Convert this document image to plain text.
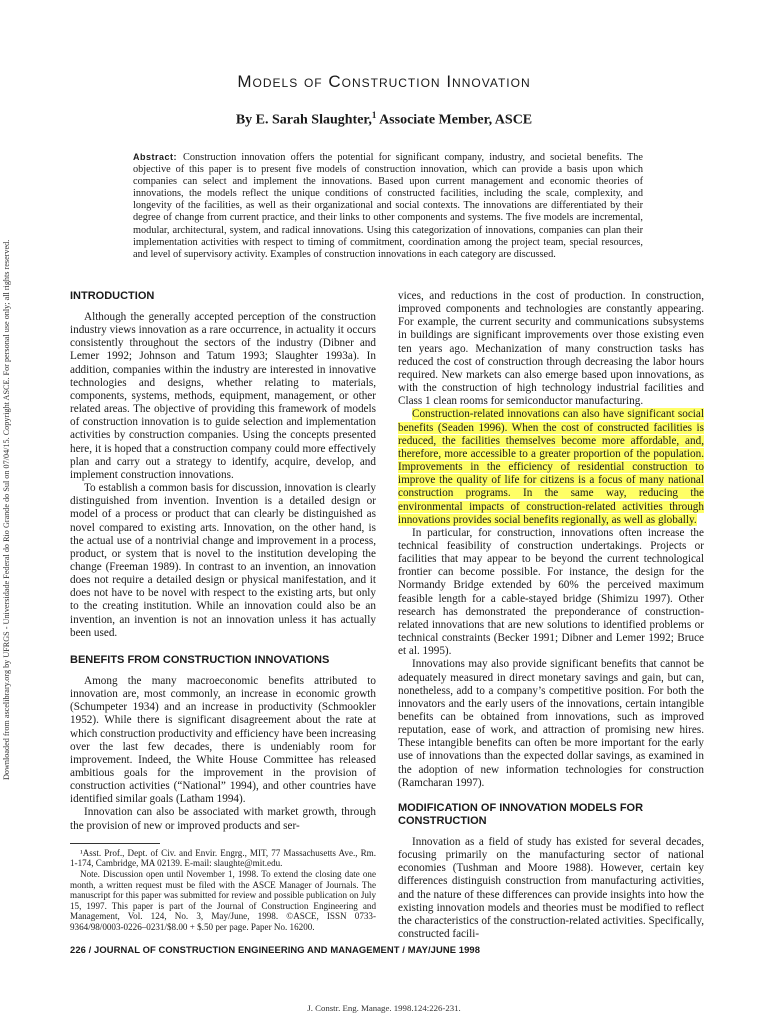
Downloaded from ascelibrary.org by UFRGS - Universidade Federal do Rio Grande do Sul on 07/04/15. Copyright ASCE. For personal use only; all rights reserved.
Models of Construction Innovation
By E. Sarah Slaughter,$^1$ Associate Member, ASCE
Abstract: Construction innovation offers the potential for significant company, industry, and societal benefits. The objective of this paper is to present five models of construction innovation, which can provide a basis upon which companies can select and implement the innovations. Based upon current management and economic theories of innovations, the models reflect the unique conditions of constructed facilities, including the scale, complexity, and longevity of the facilities, as well as their organizational and social contexts. The innovations are differentiated by their degree of change from current practice, and their links to other components and systems. The five models are incremental, modular, architectural, system, and radical innovations. Using this categorization of innovations, companies can plan their implementation activities with respect to timing of commitment, coordination among the project team, special resources, and level of supervisory activity. Examples of construction innovations in each category are discussed.
INTRODUCTION

Although the generally accepted perception of the construction industry views innovation as a rare occurrence, in actuality it occurs consistently throughout the sectors of the industry (Dibner and Lemer 1992; Johnson and Tatum 1993; Slaughter 1993a). In addition, companies within the industry are interested in innovative technologies and designs, whether relating to materials, components, systems, methods, equipment, management, or other related areas. The objective of providing this framework of models of construction innovation is to guide selection and implementation activities by construction companies. Using the concepts presented here, it is hoped that a construction company could more effectively plan and carry out a strategy to identify, acquire, develop, and implement construction innovations.

To establish a common basis for discussion, innovation is clearly distinguished from invention. Invention is a detailed design or model of a process or product that can clearly be distinguished as novel compared to existing arts. Innovation, on the other hand, is the actual use of a nontrivial change and improvement in a process, product, or system that is novel to the institution developing the change (Freeman 1989). In contrast to an invention, an innovation does not require a detailed design or physical manifestation, and it does not have to be novel with respect to the existing arts, but only to the creating institution. While an innovation could also be an invention, an invention is not an innovation unless it has actually been used.

BENEFITS FROM CONSTRUCTION INNOVATIONS

Among the many macroeconomic benefits attributed to innovation are, most commonly, an increase in economic growth (Schumpeter 1934) and an increase in productivity (Schmookler 1952). While there is significant disagreement about the rate at which construction productivity and efficiency have been increasing over the last few decades, there is undeniably room for improvement. Indeed, the White House Committee has released ambitious goals for the improvement in the provision of construction activities (“National” 1994), and other countries have identified similar goals (Latham 1994).

Innovation can also be associated with market growth, through the provision of new or improved products and ser-

¹Asst. Prof., Dept. of Civ. and Envir. Engrg., MIT, 77 Massachusetts Ave., Rm. 1-174, Cambridge, MA 02139. E-mail: slaughte@mit.edu.

Note. Discussion open until November 1, 1998. To extend the closing date one month, a written request must be filed with the ASCE Manager of Journals. The manuscript for this paper was submitted for review and possible publication on July 15, 1997. This paper is part of the Journal of Construction Engineering and Management, Vol. 124, No. 3, May/June, 1998. ©ASCE, ISSN 0733-9364/98/0003-0226–0231/$8.00 + $.50 per page. Paper No. 16200.

vices, and reductions in the cost of production. In construction, improved components and technologies are constantly appearing. For example, the current security and communications subsystems in buildings are significant improvements over those existing even ten years ago. Mechanization of many construction tasks has reduced the cost of construction through decreasing the labor hours required. New markets can also emerge based upon innovations, as with the construction of high technology industrial facilities and Class 1 clean rooms for semiconductor manufacturing.

Construction-related innovations can also have significant social benefits (Seaden 1996). When the cost of constructed facilities is reduced, the facilities themselves become more affordable, and, therefore, more accessible to a greater proportion of the population. Improvements in the efficiency of residential construction to improve the quality of life for citizens is a focus of many national construction programs. In the same way, reducing the environmental impacts of construction-related activities through innovations provides social benefits regionally, as well as globally.

In particular, for construction, innovations often increase the technical feasibility of construction undertakings. Projects or facilities that may appear to be beyond the current technological frontier can become possible. For instance, the design for the Normandy Bridge extended by 60% the perceived maximum feasible length for a cable-stayed bridge (Shimizu 1997). Other research has demonstrated the preponderance of construction-related innovations that are new solutions to identified problems or technical constraints (Becker 1991; Dibner and Lemer 1992; Bruce et al. 1995).

Innovations may also provide significant benefits that cannot be adequately measured in direct monetary savings and gain, but can, nonetheless, add to a company’s competitive position. For both the innovators and the early users of the innovations, certain intangible benefits can be obtained from innovations, such as improved reputation, ease of work, and attraction of promising new hires. These intangible benefits can often be more important for the early use of innovations than the expected dollar savings, as examined in the adoption of new information technologies for construction (Ramcharan 1997).

MODIFICATION OF INNOVATION MODELS FOR CONSTRUCTION

Innovation as a field of study has existed for several decades, focusing primarily on the manufacturing sector of national economies (Tushman and Moore 1988). However, certain key differences distinguish construction from manufacturing activities, and the nature of these differences can provide insights into how the existing innovation models and theories must be modified to reflect the characteristics of the construction-related activities. Specifically, constructed facili-

226 / JOURNAL OF CONSTRUCTION ENGINEERING AND MANAGEMENT / MAY/JUNE 1998
J. Constr. Eng. Manage. 1998.124:226-231.
